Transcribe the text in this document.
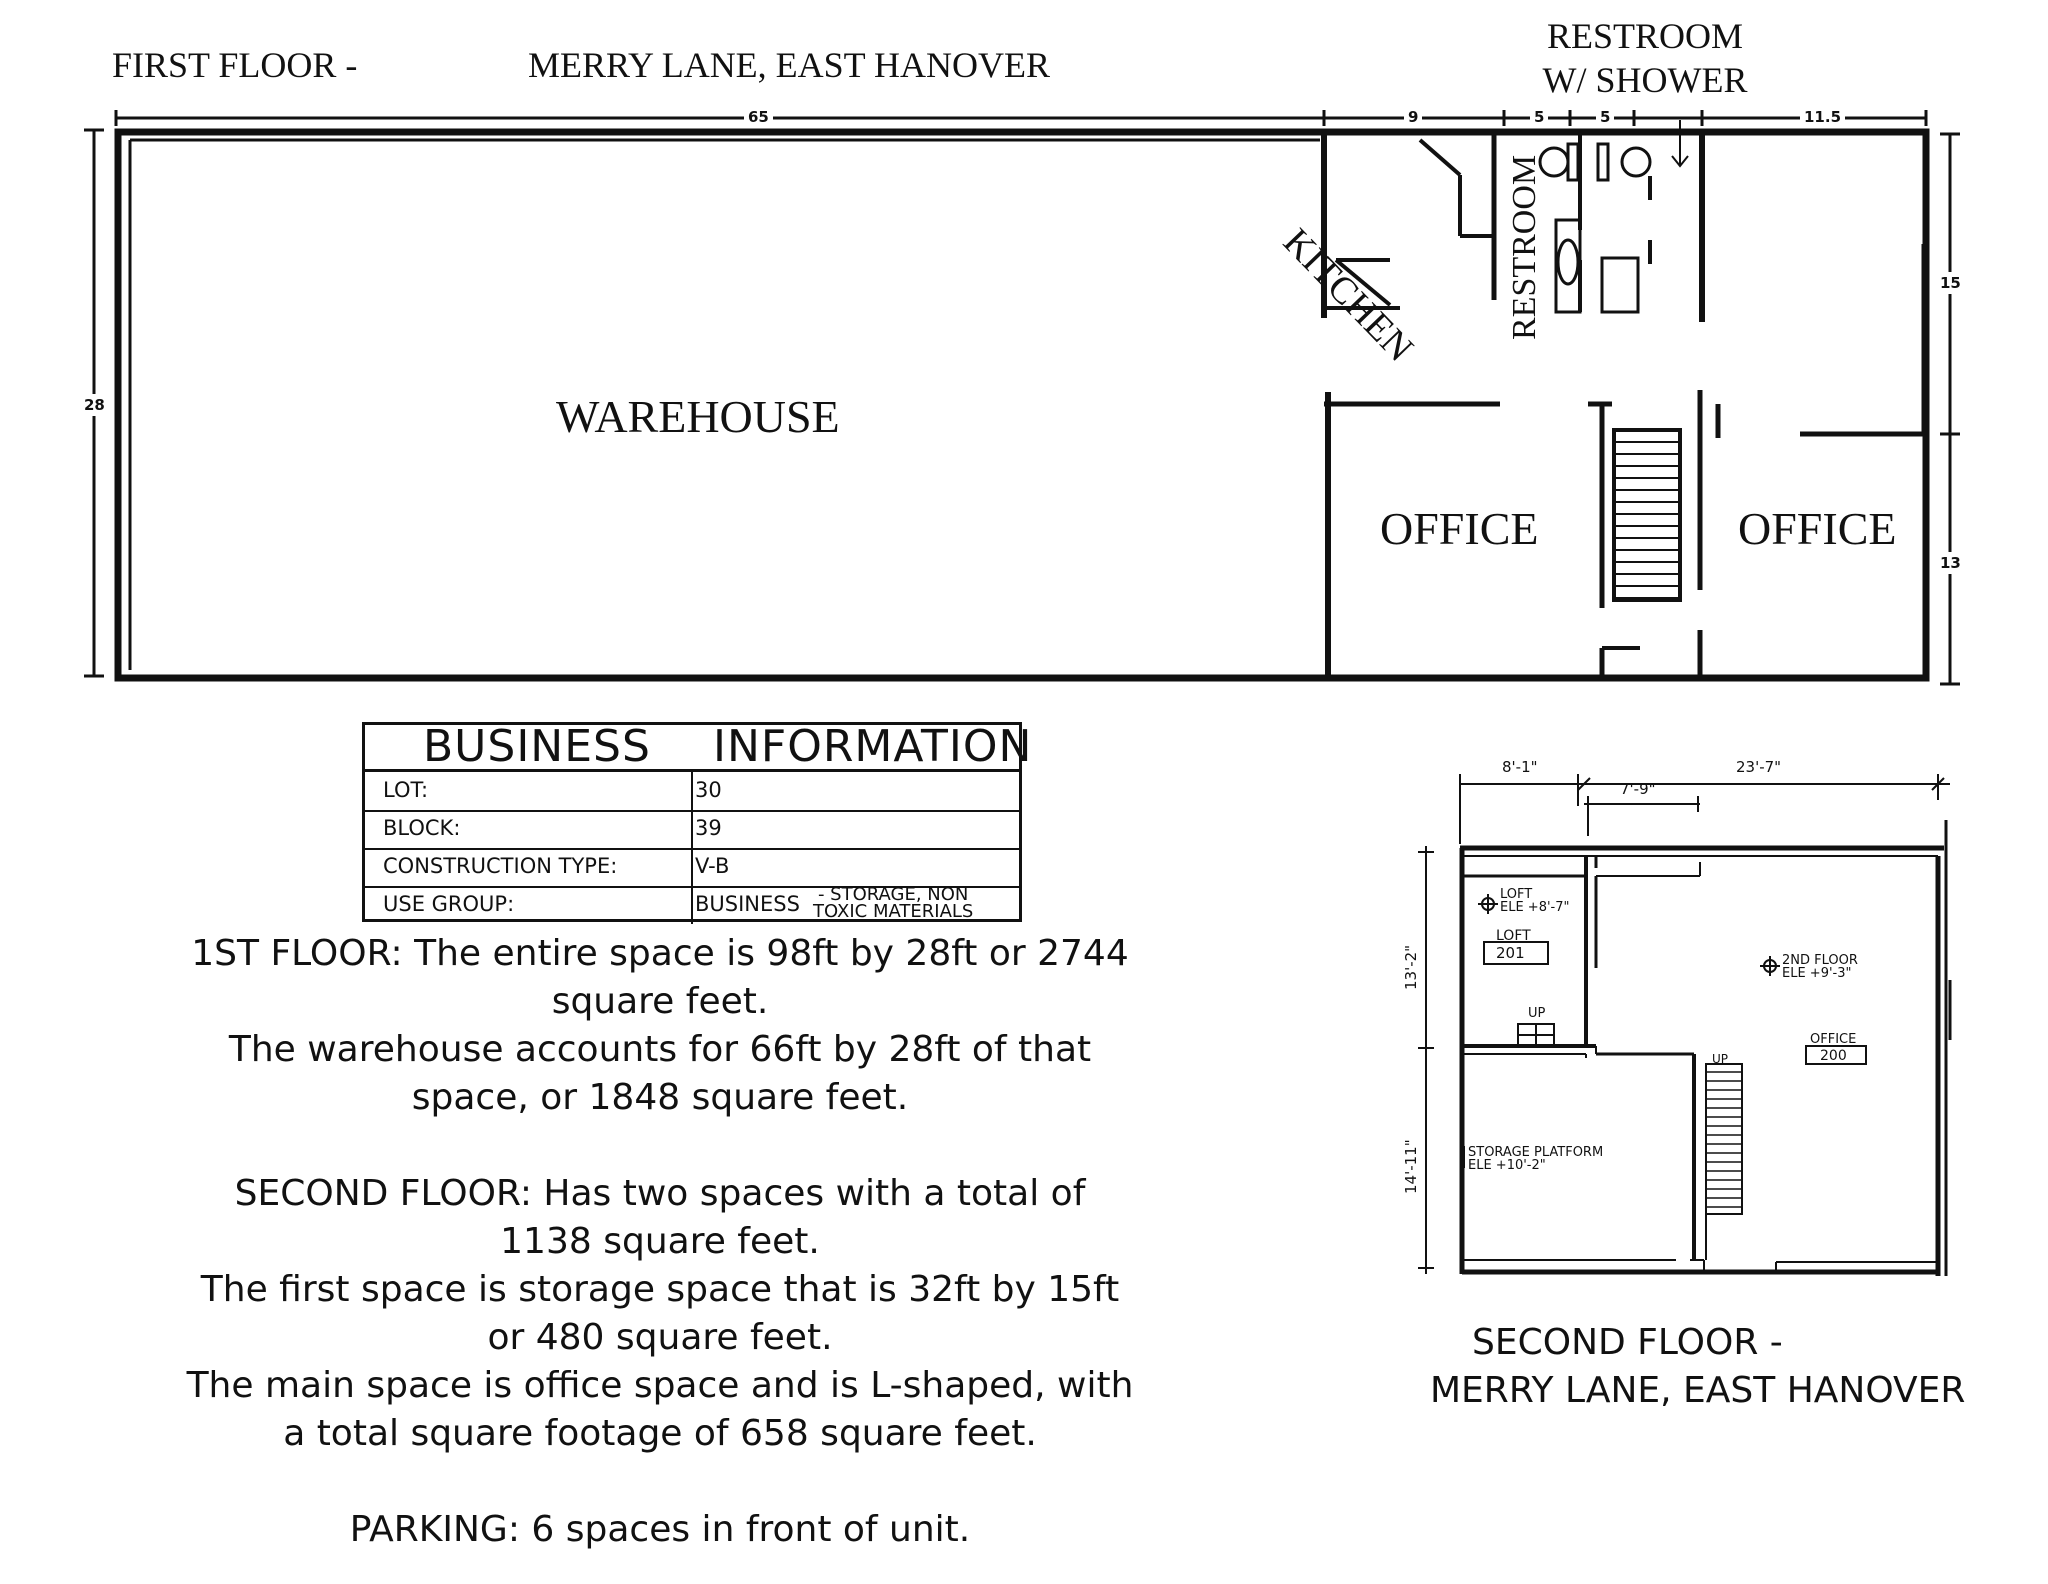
65	9	5	5	11.5
28
15
13
FIRST FLOOR -	MERRY LANE, EAST HANOVER
RESTROOM
W/ SHOWER
WAREHOUSE
KITCHEN RESTROOM
OFFICE	OFFICE
BUSINESS INFORMATION
LOT:	30
BLOCK:	39
CONSTRUCTION TYPE:	V-B
USE GROUP:	BUSINESS - STORAGE, NON
TOXIC MATERIALS

1ST FLOOR: The entire space is 98ft by 28ft or 2744

square feet.

The warehouse accounts for 66ft by 28ft of that

space, or 1848 square feet.

SECOND FLOOR: Has two spaces with a total of

1138 square feet.

The first space is storage space that is 32ft by 15ft

or 480 square feet.

The main space is office space and is L-shaped, with

a total square footage of 658 square feet.

PARKING: 6 spaces in front of unit.

8'-1"
7'-9"
23'-7"
13'-2"
14'-11"
LOFT
ELE +8'-7"
LOFT
201
UP
UP
2ND FLOOR
ELE +9'-3"
OFFICE
200
STORAGE PLATFORM
ELE +10'-2"
SECOND FLOOR -
MERRY LANE, EAST HANOVER
